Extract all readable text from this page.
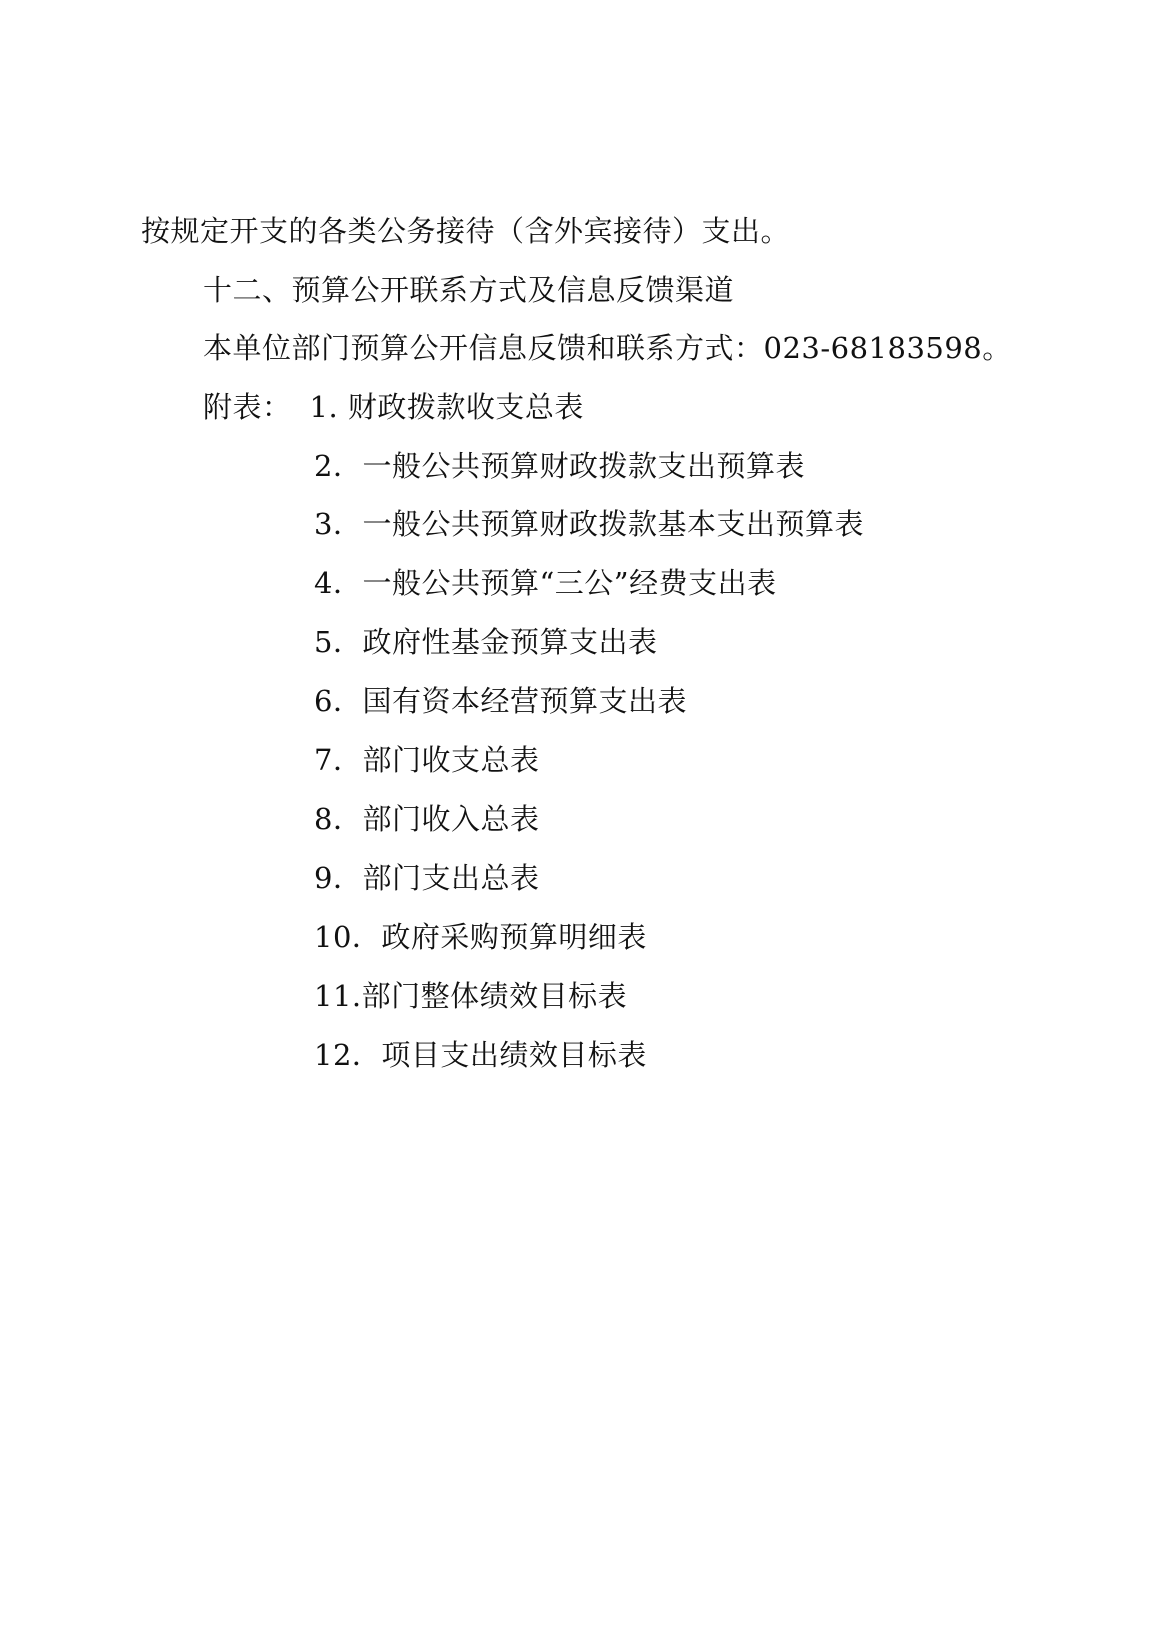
按规定开支的各类公务接待（含外宾接待）支出。
十二、预算公开联系方式及信息反馈渠道
本单位部门预算公开信息反馈和联系方式：023-68183598。
附表： 1. 财政拨款收支总表
2．一般公共预算财政拨款支出预算表
3．一般公共预算财政拨款基本支出预算表
4．一般公共预算“三公”经费支出表
5．政府性基金预算支出表
6．国有资本经营预算支出表
7．部门收支总表
8．部门收入总表
9．部门支出总表
10．政府采购预算明细表
11.部门整体绩效目标表
12．项目支出绩效目标表
